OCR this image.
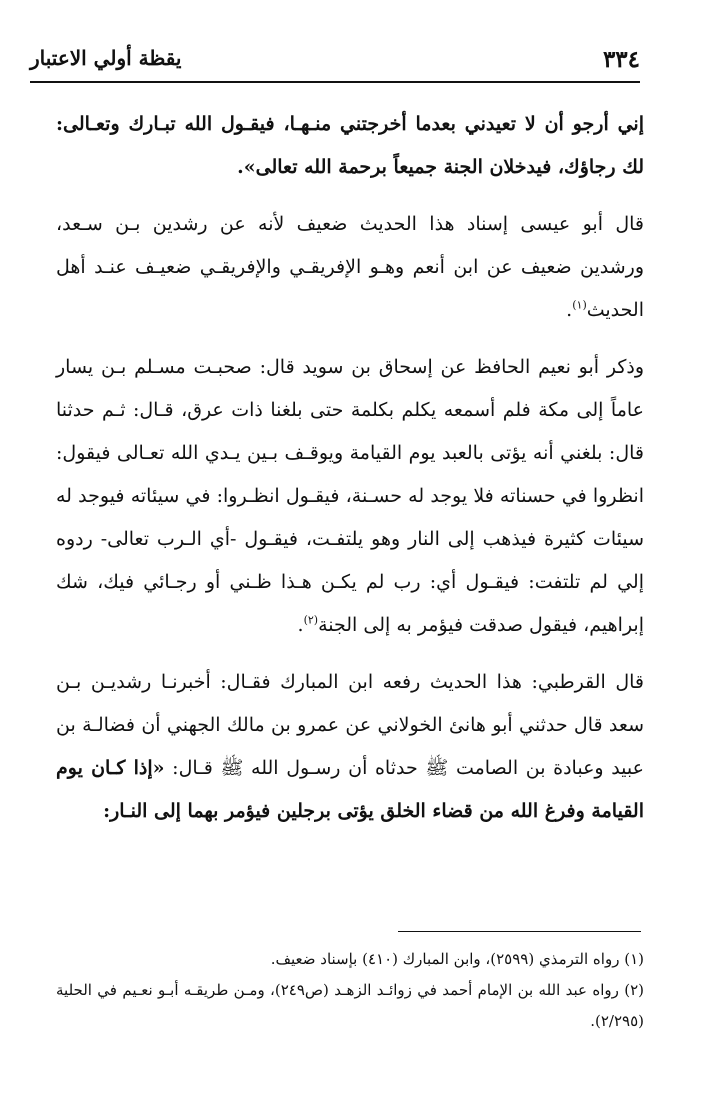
٣٣٤
يقظة أولي الاعتبار

إني أرجو أن لا تعيدني بعدما أخرجتني منـهـا، فيقـول الله تبـارك وتعـالى: لك رجاؤك، فيدخلان الجنة جميعاً برحمة الله تعالى».

قال أبو عيسى إسناد هذا الحديث ضعيف لأنه عن رشدين بـن سـعد، ورشدين ضعيف عن ابن أنعم وهـو الإفريقـي والإفريقـي ضعيـف عنـد أهل الحديث$^{(١)}$.

وذكر أبو نعيم الحافظ عن إسحاق بن سويد قال: صحبـت مسـلم بـن يسار عاماً إلى مكة فلم أسمعه يكلم بكلمة حتى بلغنا ذات عرق، قـال: ثـم حدثنا قال: بلغني أنه يؤتى بالعبد يوم القيامة ويوقـف بـين يـدي الله تعـالى فيقول: انظروا في حسناته فلا يوجد له حسـنة، فيقـول انظـروا: في سيئاته فيوجد له سيئات كثيرة فيذهب إلى النار وهو يلتفـت، فيقـول -أي الـرب تعالى- ردوه إلي لم تلتفت: فيقـول أي: رب لم يكـن هـذا ظـني أو رجـائي فيك، شك إبراهيم، فيقول صدقت فيؤمر به إلى الجنة$^{(٢)}$.

قال القرطبي: هذا الحديث رفعه ابن المبارك فقـال: أخبرنـا رشديـن بـن سعد قال حدثني أبو هانئ الخولاني عن عمرو بن مالك الجهني أن فضالـة بن عبيد وعبادة بن الصامت ﷺ حدثاه أن رسـول الله ﷺ قـال: «إذا كـان يوم القيامة وفرغ الله من قضاء الخلق يؤتى برجلين فيؤمر بهما إلى النـار:

(١) رواه الترمذي (٢٥٩٩)، وابن المبارك (٤١٠) بإسناد ضعيف.

(٢) رواه عبد الله بن الإمام أحمد في زوائـد الزهـد (ص٢٤٩)، ومـن طريقـه أبـو نعـيم في الحلية (٢/٢٩٥).
